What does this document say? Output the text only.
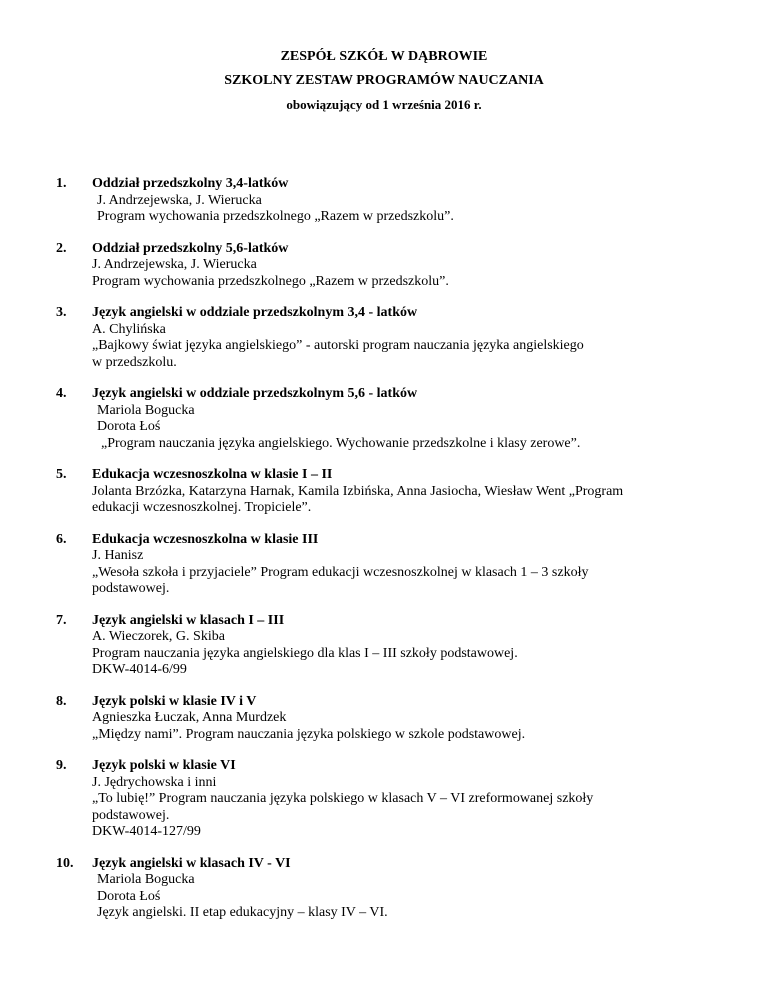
ZESPÓŁ SZKÓŁ W DĄBROWIE
SZKOLNY ZESTAW PROGRAMÓW NAUCZANIA
obowiązujący od 1 września 2016 r.
1.	Oddział przedszkolny 3,4-latków
J. Andrzejewska, J. Wierucka
Program wychowania przedszkolnego „Razem w przedszkolu”.
2.	Oddział przedszkolny 5,6-latków
J. Andrzejewska, J. Wierucka
Program wychowania przedszkolnego „Razem w przedszkolu”.
3.	Język angielski w oddziale przedszkolnym 3,4 - latków
A. Chylińska
„Bajkowy świat języka angielskiego” - autorski program nauczania języka angielskiego
w przedszkolu.
4.	Język angielski w oddziale przedszkolnym 5,6 - latków
Mariola Bogucka
Dorota Łoś
„Program nauczania języka angielskiego. Wychowanie przedszkolne i klasy zerowe”.
5.	Edukacja wczesnoszkolna w klasie I – II
Jolanta Brzózka, Katarzyna Harnak, Kamila Izbińska, Anna Jasiocha, Wiesław Went „Program
edukacji wczesnoszkolnej. Tropiciele”.
6.	Edukacja wczesnoszkolna w klasie III
J. Hanisz
„Wesoła szkoła i przyjaciele” Program edukacji wczesnoszkolnej w klasach 1 – 3 szkoły
podstawowej.
7.	Język angielski w klasach I – III
A. Wieczorek, G. Skiba
Program nauczania języka angielskiego dla klas I – III szkoły podstawowej.
DKW-4014-6/99
8.	Język polski w klasie IV i V
Agnieszka Łuczak, Anna Murdzek
„Między nami”. Program nauczania języka polskiego w szkole podstawowej.
9.	Język polski w klasie VI
J. Jędrychowska i inni
„To lubię!” Program nauczania języka polskiego w klasach V – VI zreformowanej szkoły
podstawowej.
DKW-4014-127/99
10.	Język angielski w klasach IV - VI
Mariola Bogucka
Dorota Łoś
Język angielski. II etap edukacyjny – klasy IV – VI.
